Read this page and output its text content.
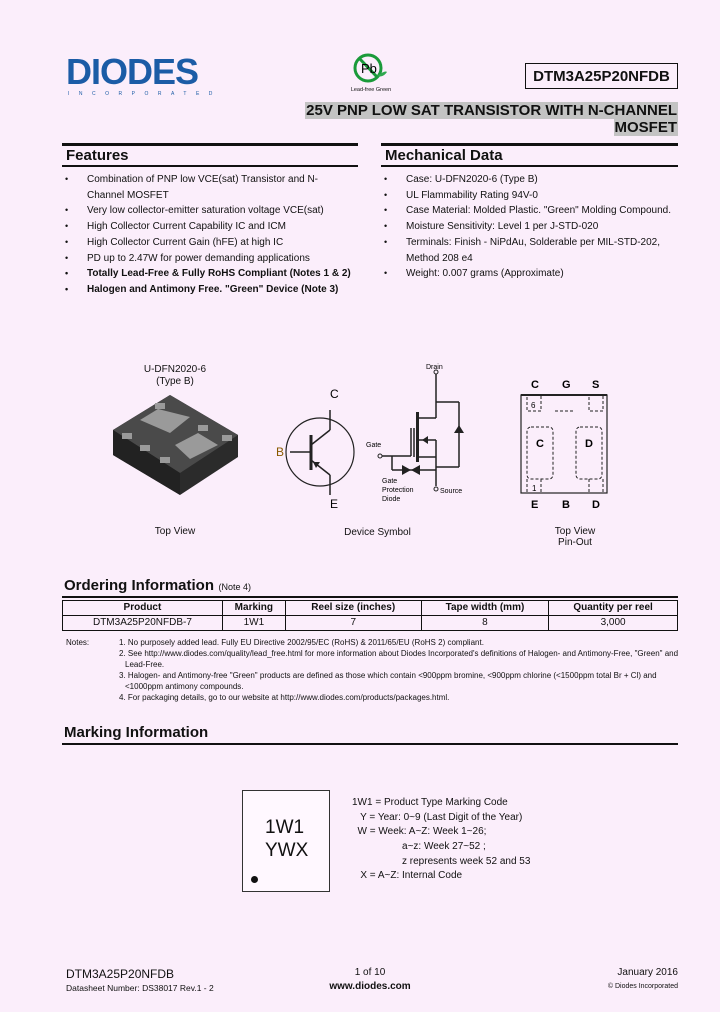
DIODES
INCORPORATED
Pb
Lead-free Green
DTM3A25P20NFDB
25V PNP LOW SAT TRANSISTOR WITH N-CHANNEL
MOSFET
Features
• Combination of PNP low VCE(sat) Transistor and N-Channel MOSFET
• Very low collector-emitter saturation voltage VCE(sat)
• High Collector Current Capability IC and ICM
• High Collector Current Gain (hFE) at high IC
• PD up to 2.47W for power demanding applications
• Totally Lead-Free & Fully RoHS Compliant (Notes 1 & 2)
• Halogen and Antimony Free. "Green" Device (Note 3)
Mechanical Data
• Case: U-DFN2020-6 (Type B)
• UL Flammability Rating 94V-0
• Case Material: Molded Plastic. "Green" Molding Compound.
• Moisture Sensitivity: Level 1 per J-STD-020
• Terminals: Finish - NiPdAu, Solderable per MIL-STD-202, Method 208 e4
• Weight: 0.007 grams (Approximate)
U-DFN2020-6
(Type B)
Top View
C
B
E
Drain
Gate
Source
Gate
Protection
Diode
Device Symbol
C G S
E B D
C	D
6
1
Top View
Pin-Out
Ordering Information (Note 4)
Product	Marking	Reel size (inches)	Tape width (mm)	Quantity per reel
DTM3A25P20NFDB-7	1W1	7	8	3,000
Notes:	1. No purposely added lead. Fully EU Directive 2002/95/EC (RoHS) & 2011/65/EU (RoHS 2) compliant.
2. See http://www.diodes.com/quality/lead_free.html for more information about Diodes Incorporated's definitions of Halogen- and Antimony-Free, "Green" and Lead-Free.
3. Halogen- and Antimony-free "Green" products are defined as those which contain <900ppm bromine, <900ppm chlorine (<1500ppm total Br + Cl) and <1000ppm antimony compounds.
4. For packaging details, go to our website at http://www.diodes.com/products/packages.html.
Marking Information
1W1
YWX
1W1 = Product Type Marking Code
Y = Year: 0~9 (Last Digit of the Year)
W = Week: A~Z: Week 1~26;
a~z: Week 27~52 ;
z represents week 52 and 53
X = A~Z: Internal Code
DTM3A25P20NFDB
Datasheet Number: DS38017 Rev.1 - 2
1 of 10
www.diodes.com
January 2016
© Diodes Incorporated
